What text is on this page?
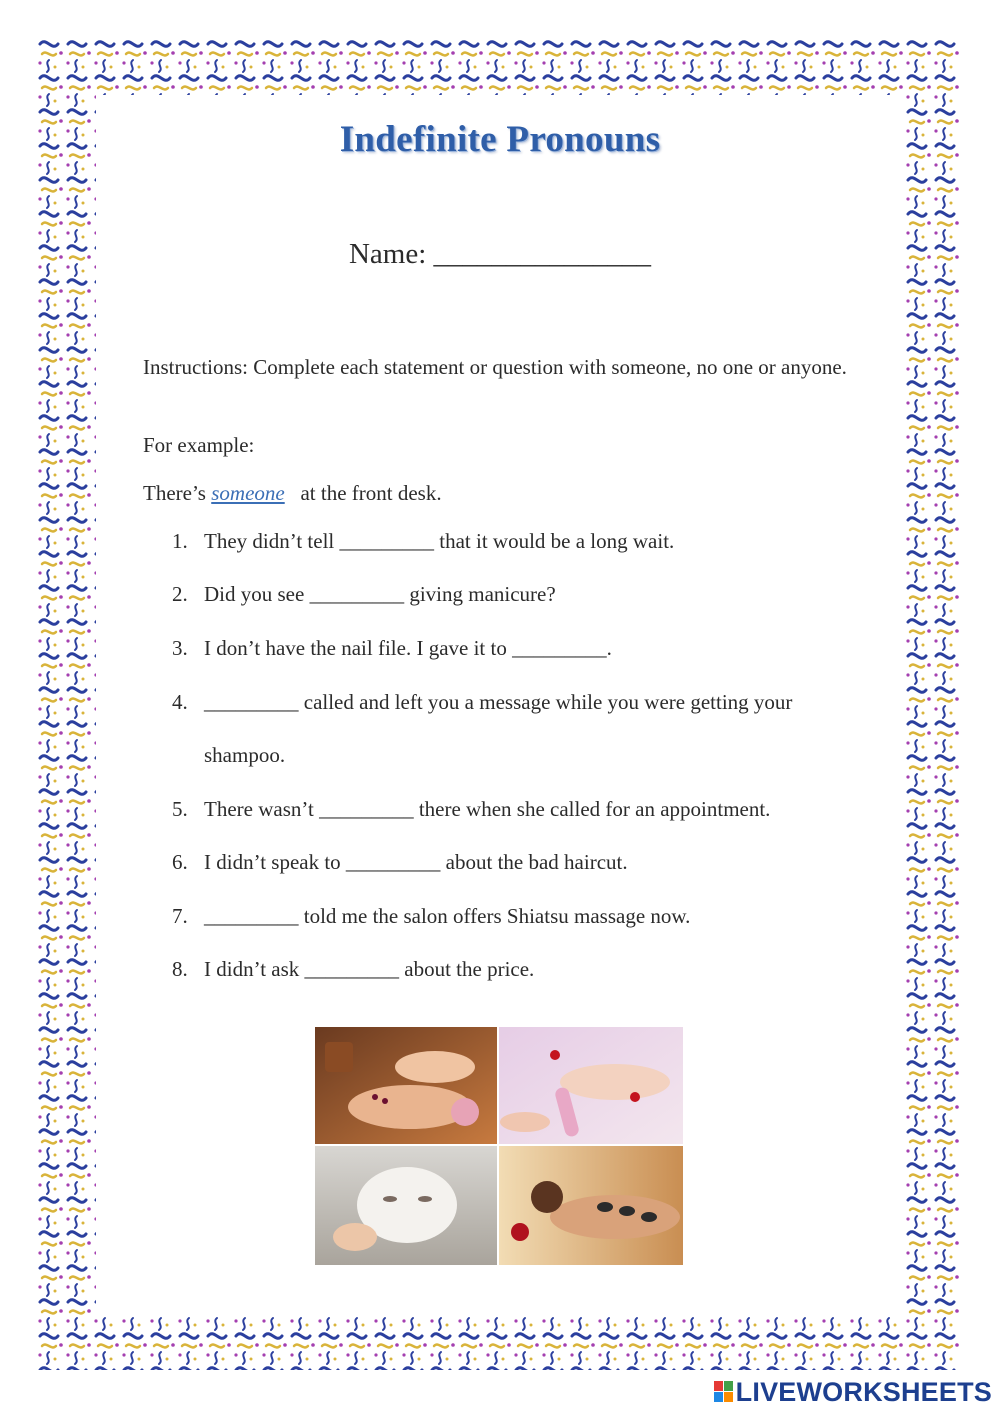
Indefinite Pronouns
Name: _______________
Instructions: Complete each statement or question with someone, no one or anyone.
For example:
There’s someone   at the front desk.
1. They didn’t tell _________ that it would be a long wait.
2. Did you see _________ giving manicure?
3. I don’t have the nail file. I gave it to _________.
4. _________ called and left you a message while you were getting your shampoo.
5. There wasn’t _________ there when she called for an appointment.
6. I didn’t speak to _________ about the bad haircut.
7. _________ told me the salon offers Shiatsu massage now.
8. I didn’t ask _________ about the price.
LIVEWORKSHEETS
